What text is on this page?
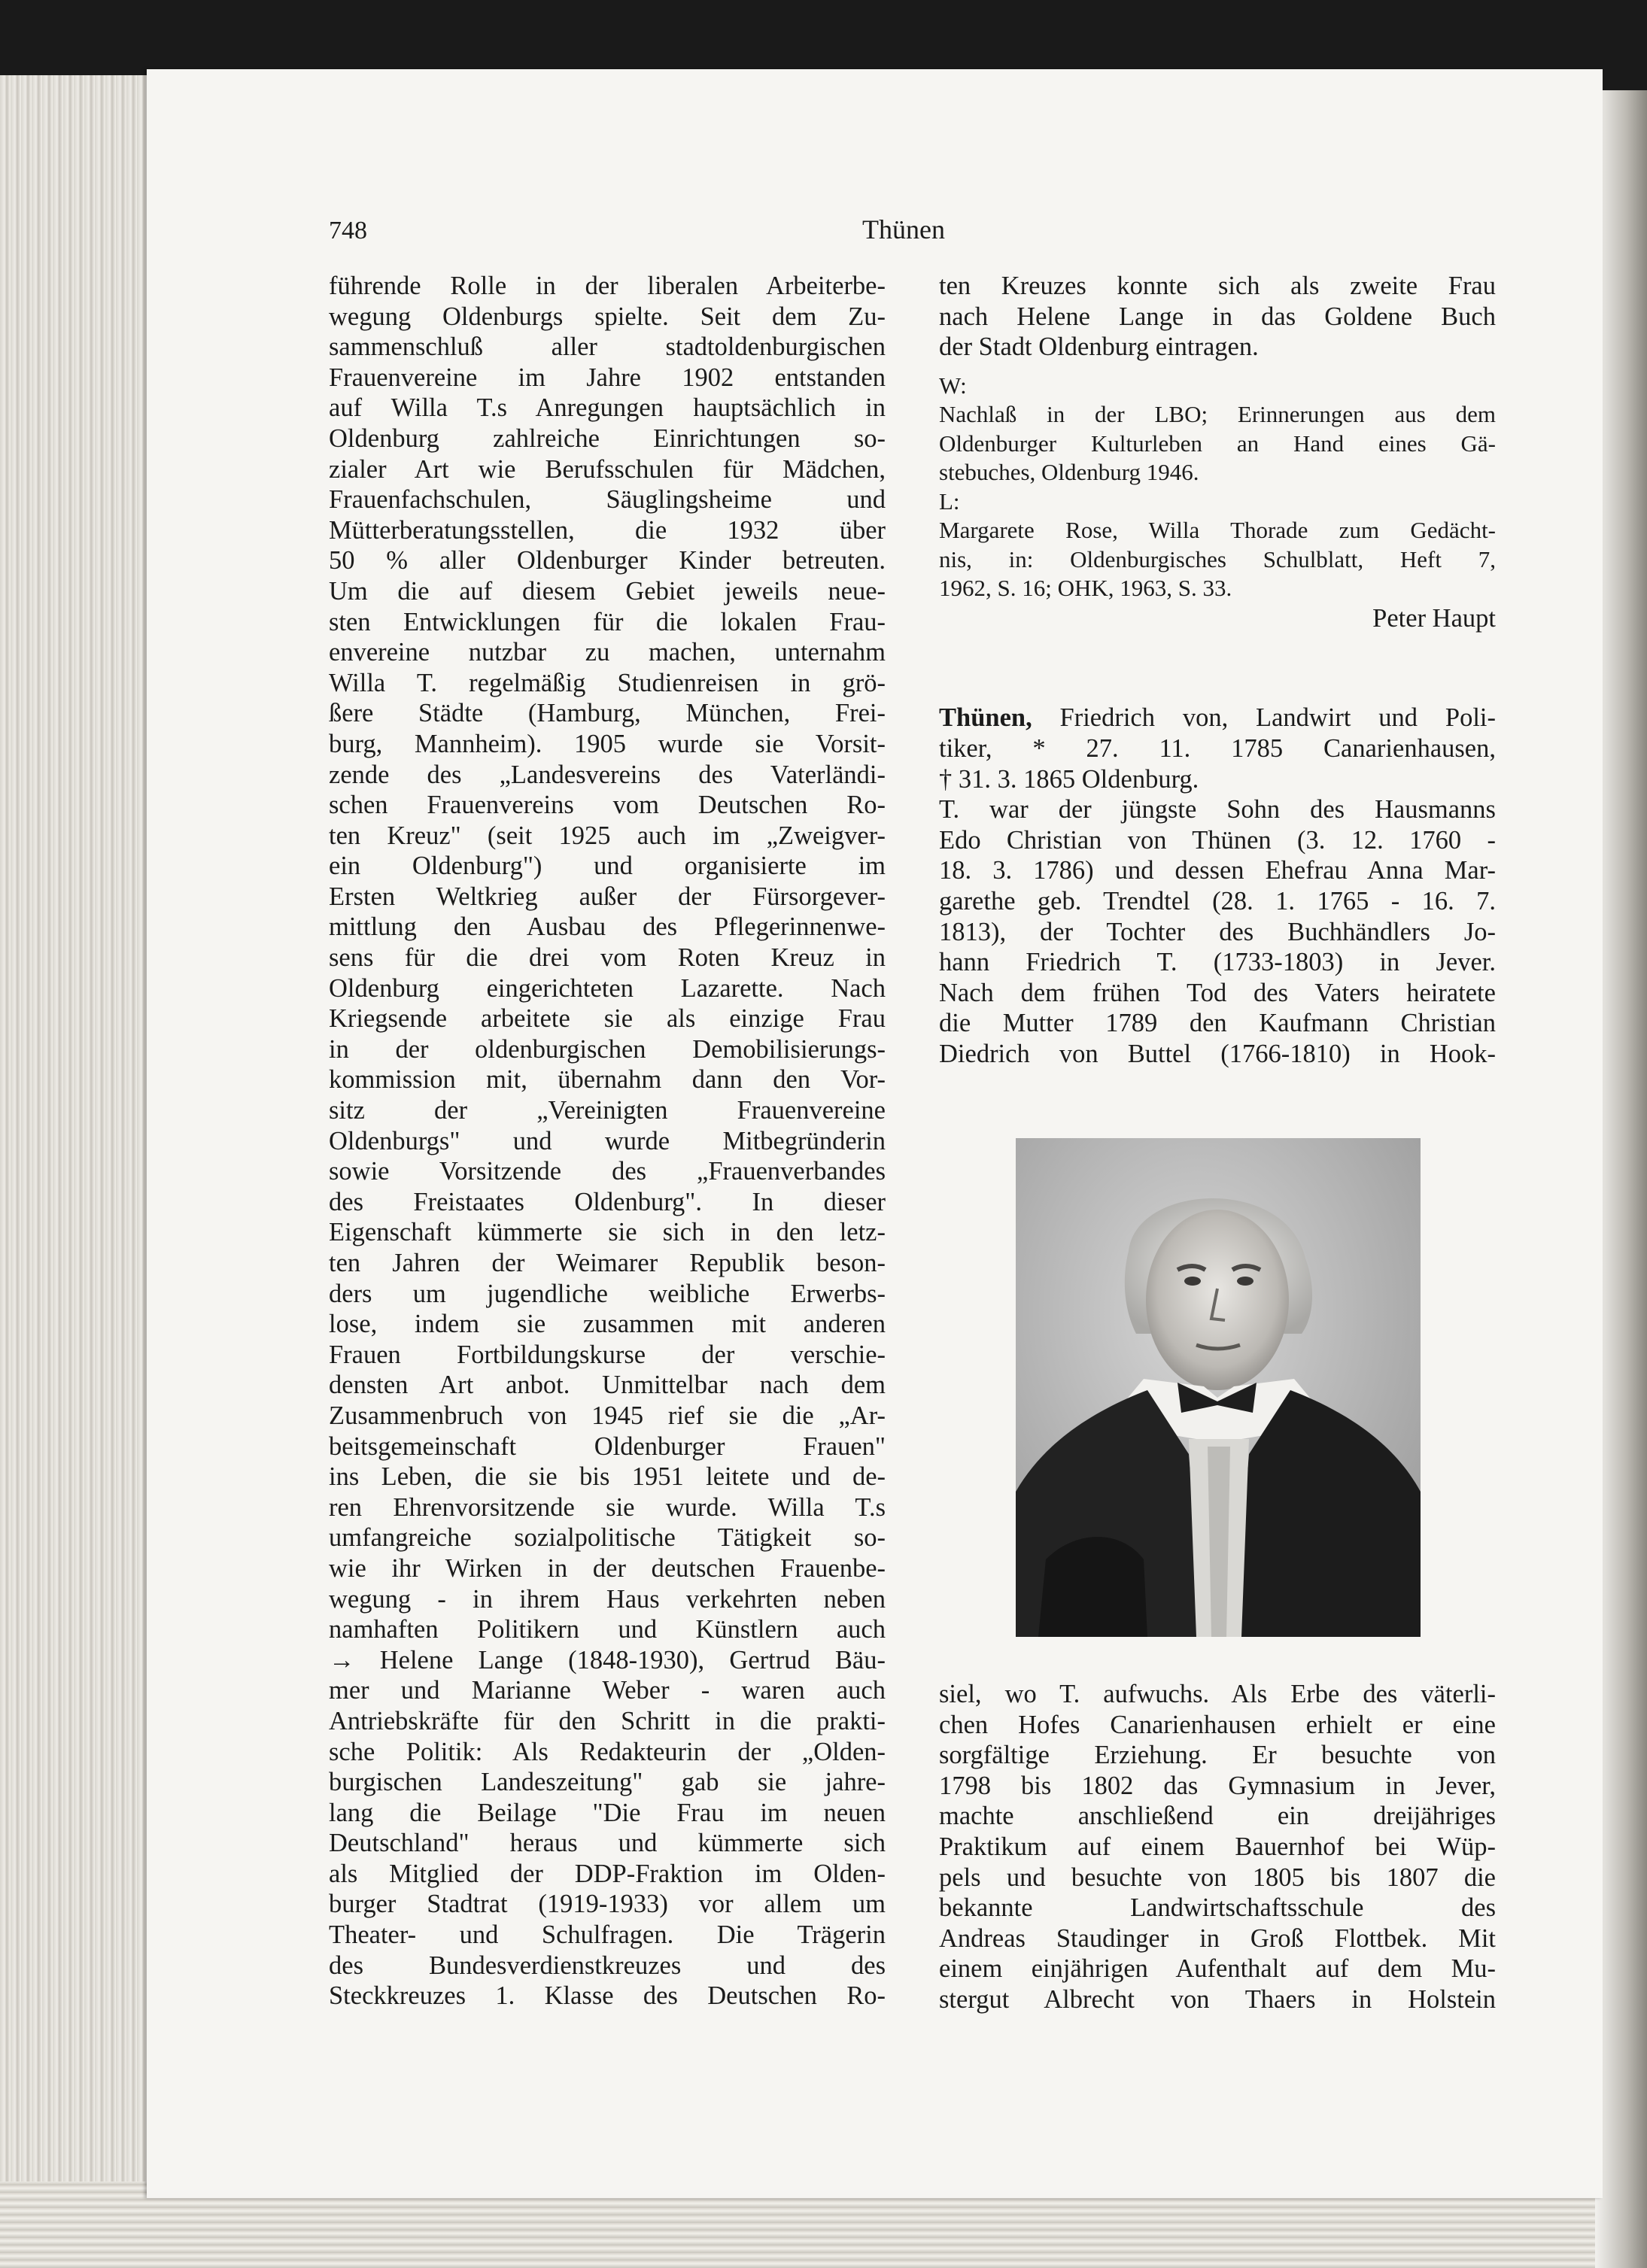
748	Thünen
führende Rolle in der liberalen Arbeiterbe-
wegung Oldenburgs spielte. Seit dem Zu-
sammenschluß aller stadtoldenburgischen
Frauenvereine im Jahre 1902 entstanden
auf Willa T.s Anregungen hauptsächlich in
Oldenburg zahlreiche Einrichtungen so-
zialer Art wie Berufsschulen für Mädchen,
Frauenfachschulen, Säuglingsheime und
Mütterberatungsstellen, die 1932 über
50 % aller Oldenburger Kinder betreuten.
Um die auf diesem Gebiet jeweils neue-
sten Entwicklungen für die lokalen Frau-
envereine nutzbar zu machen, unternahm
Willa T. regelmäßig Studienreisen in grö-
ßere Städte (Hamburg, München, Frei-
burg, Mannheim). 1905 wurde sie Vorsit-
zende des „Landesvereins des Vaterländi-
schen Frauenvereins vom Deutschen Ro-
ten Kreuz" (seit 1925 auch im „Zweigver-
ein Oldenburg") und organisierte im
Ersten Weltkrieg außer der Fürsorgever-
mittlung den Ausbau des Pflegerinnenwe-
sens für die drei vom Roten Kreuz in
Oldenburg eingerichteten Lazarette. Nach
Kriegsende arbeitete sie als einzige Frau
in der oldenburgischen Demobilisierungs-
kommission mit, übernahm dann den Vor-
sitz der „Vereinigten Frauenvereine
Oldenburgs" und wurde Mitbegründerin
sowie Vorsitzende des „Frauenverbandes
des Freistaates Oldenburg". In dieser
Eigenschaft kümmerte sie sich in den letz-
ten Jahren der Weimarer Republik beson-
ders um jugendliche weibliche Erwerbs-
lose, indem sie zusammen mit anderen
Frauen Fortbildungskurse der verschie-
densten Art anbot. Unmittelbar nach dem
Zusammenbruch von 1945 rief sie die „Ar-
beitsgemeinschaft Oldenburger Frauen"
ins Leben, die sie bis 1951 leitete und de-
ren Ehrenvorsitzende sie wurde. Willa T.s
umfangreiche sozialpolitische Tätigkeit so-
wie ihr Wirken in der deutschen Frauenbe-
wegung - in ihrem Haus verkehrten neben
namhaften Politikern und Künstlern auch
→ Helene Lange (1848-1930), Gertrud Bäu-
mer und Marianne Weber - waren auch
Antriebskräfte für den Schritt in die prakti-
sche Politik: Als Redakteurin der „Olden-
burgischen Landeszeitung" gab sie jahre-
lang die Beilage "Die Frau im neuen
Deutschland" heraus und kümmerte sich
als Mitglied der DDP-Fraktion im Olden-
burger Stadtrat (1919-1933) vor allem um
Theater- und Schulfragen. Die Trägerin
des Bundesverdienstkreuzes und des
Steckkreuzes 1. Klasse des Deutschen Ro-
ten Kreuzes konnte sich als zweite Frau
nach Helene Lange in das Goldene Buch
der Stadt Oldenburg eintragen.
W:
Nachlaß in der LBO; Erinnerungen aus dem
Oldenburger Kulturleben an Hand eines Gä-
stebuches, Oldenburg 1946.
L:
Margarete Rose, Willa Thorade zum Gedächt-
nis, in: Oldenburgisches Schulblatt, Heft 7,
1962, S. 16; OHK, 1963, S. 33.
Peter Haupt
Thünen, Friedrich von, Landwirt und Poli-
tiker, * 27. 11. 1785 Canarienhausen,
† 31. 3. 1865 Oldenburg.
T. war der jüngste Sohn des Hausmanns
Edo Christian von Thünen (3. 12. 1760 -
18. 3. 1786) und dessen Ehefrau Anna Mar-
garethe geb. Trendtel (28. 1. 1765 - 16. 7.
1813), der Tochter des Buchhändlers Jo-
hann Friedrich T. (1733-1803) in Jever.
Nach dem frühen Tod des Vaters heiratete
die Mutter 1789 den Kaufmann Christian
Diedrich von Buttel (1766-1810) in Hook-
siel, wo T. aufwuchs. Als Erbe des väterli-
chen Hofes Canarienhausen erhielt er eine
sorgfältige Erziehung. Er besuchte von
1798 bis 1802 das Gymnasium in Jever,
machte anschließend ein dreijähriges
Praktikum auf einem Bauernhof bei Wüp-
pels und besuchte von 1805 bis 1807 die
bekannte Landwirtschaftsschule des
Andreas Staudinger in Groß Flottbek. Mit
einem einjährigen Aufenthalt auf dem Mu-
stergut Albrecht von Thaers in Holstein
